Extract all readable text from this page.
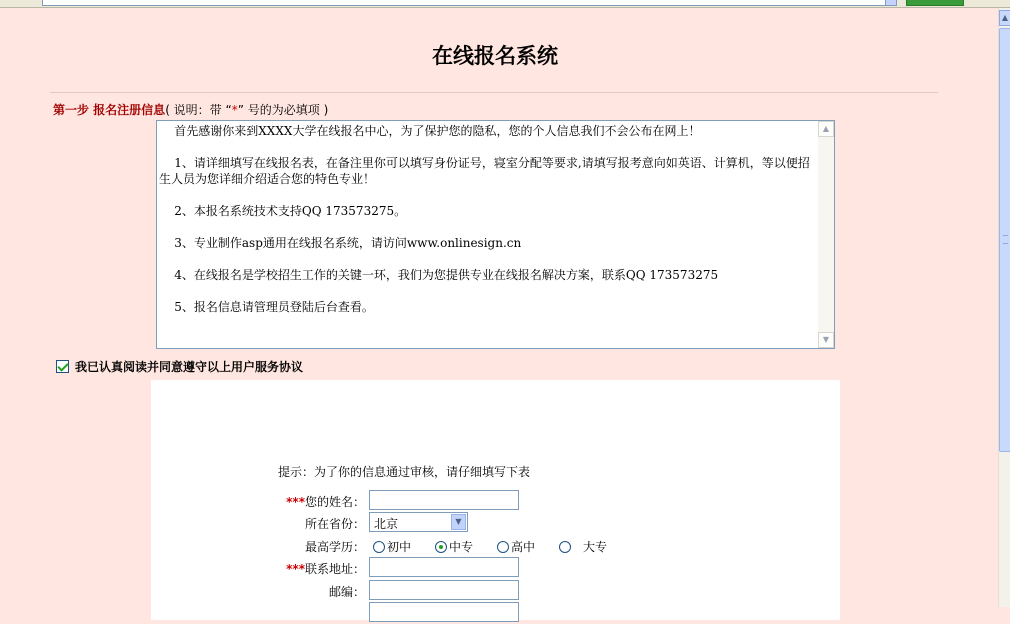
▲
在线报名系统
第一步 报名注册信息( 说明：带 “*” 号的为必填项 )
首先感谢你来到XXXX大学在线报名中心，为了保护您的隐私，您的个人信息我们不会公布在网上！

1、请详细填写在线报名表，在备注里你可以填写身份证号，寝室分配等要求,请填写报考意向如英语、计算机，等以便招生人员为您详细介绍适合您的特色专业！

2、本报名系统技术支持QQ 173573275。

3、专业制作asp通用在线报名系统，请访问www.onlinesign.cn

4、在线报名是学校招生工作的关键一环，我们为您提供专业在线报名解决方案，联系QQ 173573275

5、报名信息请管理员登陆后台查看。
▲
▼
我已认真阅读并同意遵守以上用户服务协议
提示：为了你的信息通过审核，请仔细填写下表
***您的姓名：
所在省份： 北京	▼
最高学历：	初中	中专	高中	大专
***联系地址：
邮编：
